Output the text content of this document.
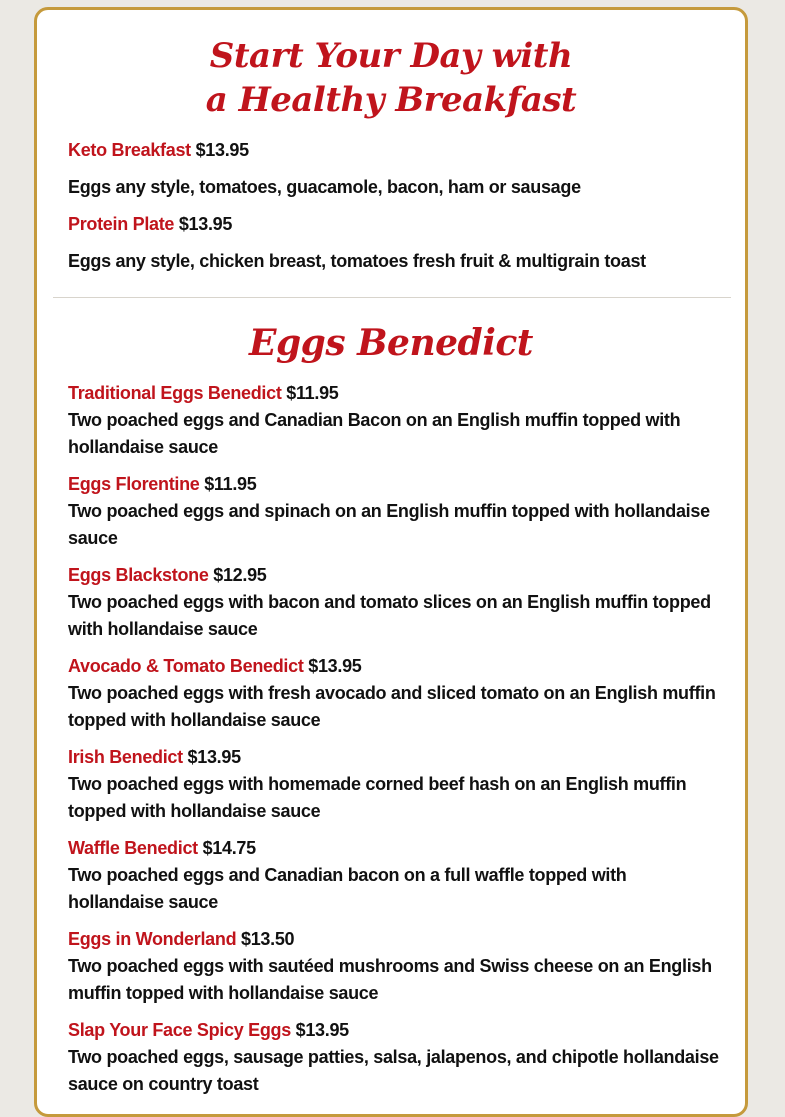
Start Your Day with
a Healthy Breakfast
Keto Breakfast $13.95
Eggs any style, tomatoes, guacamole, bacon, ham or sausage
Protein Plate $13.95
Eggs any style, chicken breast, tomatoes fresh fruit & multigrain toast
Eggs Benedict
Traditional Eggs Benedict $11.95
Two poached eggs and Canadian Bacon on an English muffin topped with hollandaise sauce
Eggs Florentine $11.95
Two poached eggs and spinach on an English muffin topped with hollandaise sauce
Eggs Blackstone $12.95
Two poached eggs with bacon and tomato slices on an English muffin topped with hollandaise sauce
Avocado & Tomato Benedict $13.95
Two poached eggs with fresh avocado and sliced tomato on an English muffin topped with hollandaise sauce
Irish Benedict $13.95
Two poached eggs with homemade corned beef hash on an English muffin topped with hollandaise sauce
Waffle Benedict $14.75
Two poached eggs and Canadian bacon on a full waffle topped with hollandaise sauce
Eggs in Wonderland $13.50
Two poached eggs with sautéed mushrooms and Swiss cheese on an English muffin topped with hollandaise sauce
Slap Your Face Spicy Eggs $13.95
Two poached eggs, sausage patties, salsa, jalapenos, and chipotle hollandaise sauce on country toast
